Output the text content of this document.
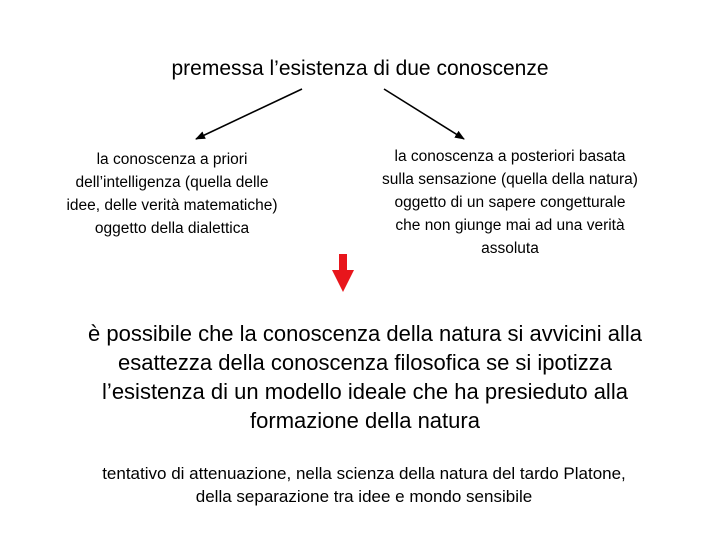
premessa l’esistenza di due conoscenze
la conoscenza a priori
dell’intelligenza (quella delle
idee, delle verità matematiche)
oggetto della dialettica
la conoscenza a posteriori basata
sulla sensazione (quella della natura)
oggetto di un sapere congetturale
che non giunge mai ad una verità
assoluta
è possibile che la conoscenza della natura si avvicini alla
esattezza della conoscenza filosofica se si ipotizza
l’esistenza di un modello ideale che ha presieduto alla
formazione della natura
tentativo di attenuazione, nella scienza della natura del tardo Platone,
della separazione tra idee e mondo sensibile
